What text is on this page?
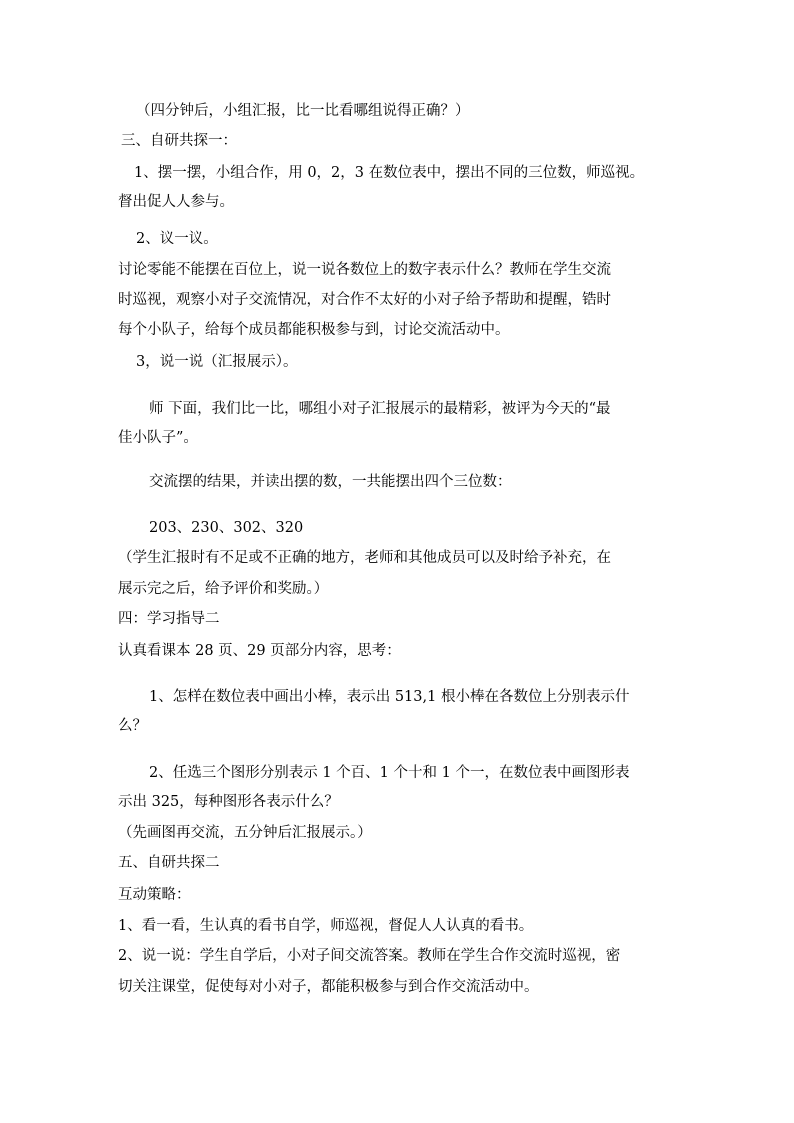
（四分钟后，小组汇报，比一比看哪组说得正确？）
三、自研共探一：
1、摆一摆，小组合作，用 0，2，3 在数位表中，摆出不同的三位数，师巡视。
督出促人人参与。
2、议一议。
讨论零能不能摆在百位上，说一说各数位上的数字表示什么？教师在学生交流
时巡视，观察小对子交流情况，对合作不太好的小对子给予帮助和提醒，锆时
每个小队子，给每个成员都能积极参与到，讨论交流活动中。
3，说一说（汇报展示）。
师 下面，我们比一比，哪组小对子汇报展示的最精彩，被评为今天的“最
佳小队子”。
交流摆的结果，并读出摆的数，一共能摆出四个三位数：
203、230、302、320
（学生汇报时有不足或不正确的地方，老师和其他成员可以及时给予补充，在
展示完之后，给予评价和奖励。）
四：学习指导二
认真看课本 28 页、29 页部分内容，思考：
1、怎样在数位表中画出小棒，表示出 513,1 根小棒在各数位上分别表示什
么？
2、任选三个图形分别表示 1 个百、1 个十和 1 个一，在数位表中画图形表
示出 325，每种图形各表示什么？
（先画图再交流，五分钟后汇报展示。）
五、自研共探二
互动策略：
1、看一看，生认真的看书自学，师巡视，督促人人认真的看书。
2、说一说：学生自学后，小对子间交流答案。教师在学生合作交流时巡视，密
切关注课堂，促使每对小对子，都能积极参与到合作交流活动中。
